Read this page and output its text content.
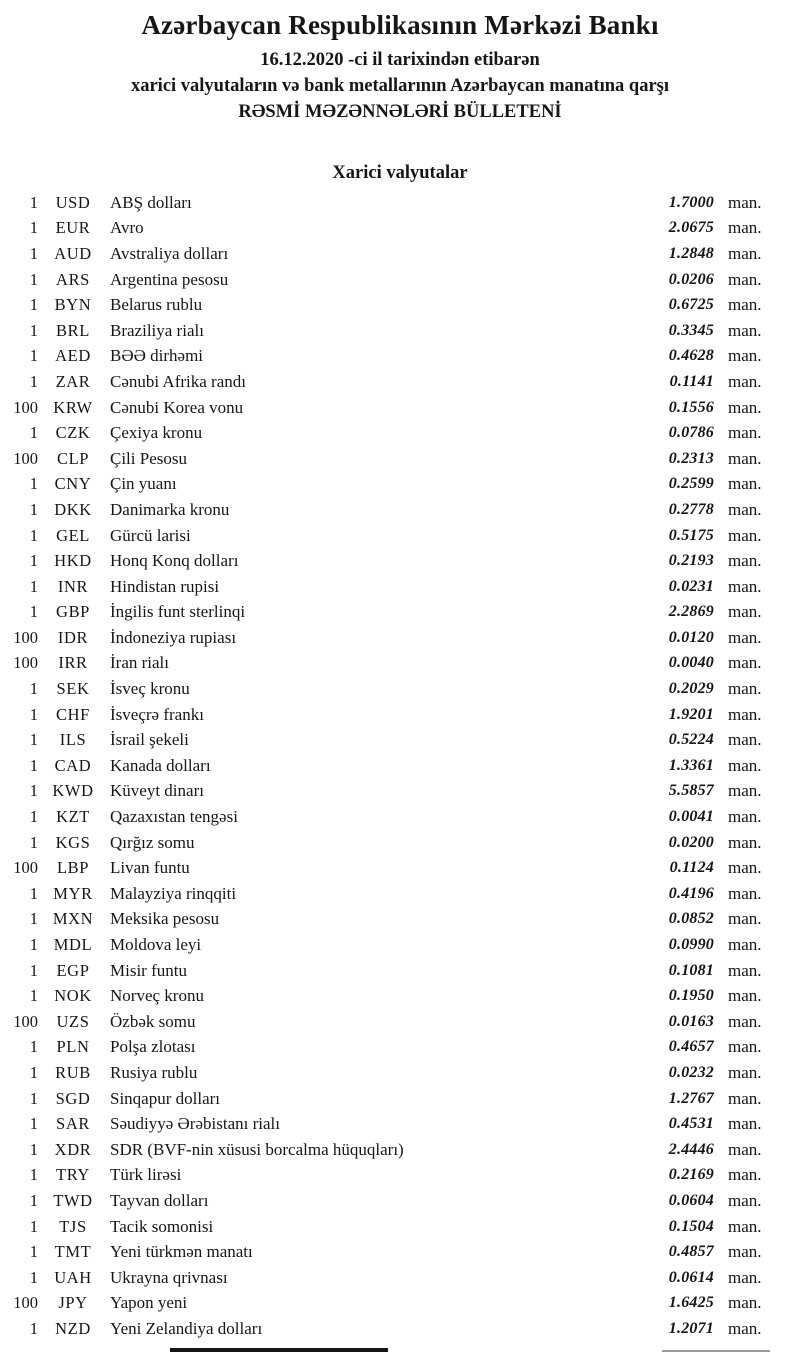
Azərbaycan Respublikasının Mərkəzi Bankı
16.12.2020 -ci il tarixindən etibarən
xarici valyutaların və bank metallarının Azərbaycan manatına qarşı
RƏSMİ MƏZƏNNƏLƏRİ BÜLLETENİ
Xarici valyutalar
1	USD	ABŞ dolları	1.7000 man.
1	EUR	Avro	2.0675 man.
1 AUD	Avstraliya dolları	1.2848 man.
1	ARS	Argentina pesosu	0.0206 man.
1	BYN	Belarus rublu	0.6725 man.
1	BRL	Braziliya rialı	0.3345 man.
1	AED	BƏƏ dirhəmi	0.4628 man.
1	ZAR	Cənubi Afrika randı	0.1141 man.
100 KRW	Cənubi Korea vonu	0.1556 man.
1	CZK	Çexiya kronu	0.0786 man.
100	CLP	Çili Pesosu	0.2313 man.
1	CNY	Çin yuanı	0.2599 man.
1 DKK	Danimarka kronu	0.2778 man.
1	GEL	Gürcü larisi	0.5175 man.
1 HKD	Honq Konq dolları	0.2193 man.
1	INR	Hindistan rupisi	0.0231 man.
1	GBP	İngilis funt sterlinqi	2.2869 man.
100	IDR	İndoneziya rupiası	0.0120 man.
100	IRR	İran rialı	0.0040 man.
1	SEK	İsveç kronu	0.2029 man.
1	CHF	İsveçrə frankı	1.9201 man.
1	ILS	İsrail şekeli	0.5224 man.
1	CAD	Kanada dolları	1.3361 man.
1 KWD Küveyt dinarı	5.5857 man.
1	KZT	Qazaxıstan tengəsi	0.0041 man.
1	KGS	Qırğız somu	0.0200 man.
100	LBP	Livan funtu	0.1124 man.
1 MYR	Malayziya rinqqiti	0.4196 man.
1 MXN Meksika pesosu	0.0852 man.
1 MDL	Moldova leyi	0.0990 man.
1	EGP	Misir funtu	0.1081 man.
1 NOK	Norveç kronu	0.1950 man.
100	UZS	Özbək somu	0.0163 man.
1	PLN	Polşa zlotası	0.4657 man.
1	RUB	Rusiya rublu	0.0232 man.
1	SGD	Sinqapur dolları	1.2767 man.
1	SAR	Səudiyyə Ərəbistanı rialı	0.4531 man.
1	XDR	SDR (BVF-nin xüsusi borcalma hüquqları)	2.4446 man.
1	TRY	Türk lirəsi	0.2169 man.
1 TWD	Tayvan dolları	0.0604 man.
1	TJS	Tacik somonisi	0.1504 man.
1	TMT	Yeni türkmən manatı	0.4857 man.
1 UAH	Ukrayna qrivnası	0.0614 man.
100	JPY	Yapon yeni	1.6425 man.
1	NZD	Yeni Zelandiya dolları	1.2071 man.
